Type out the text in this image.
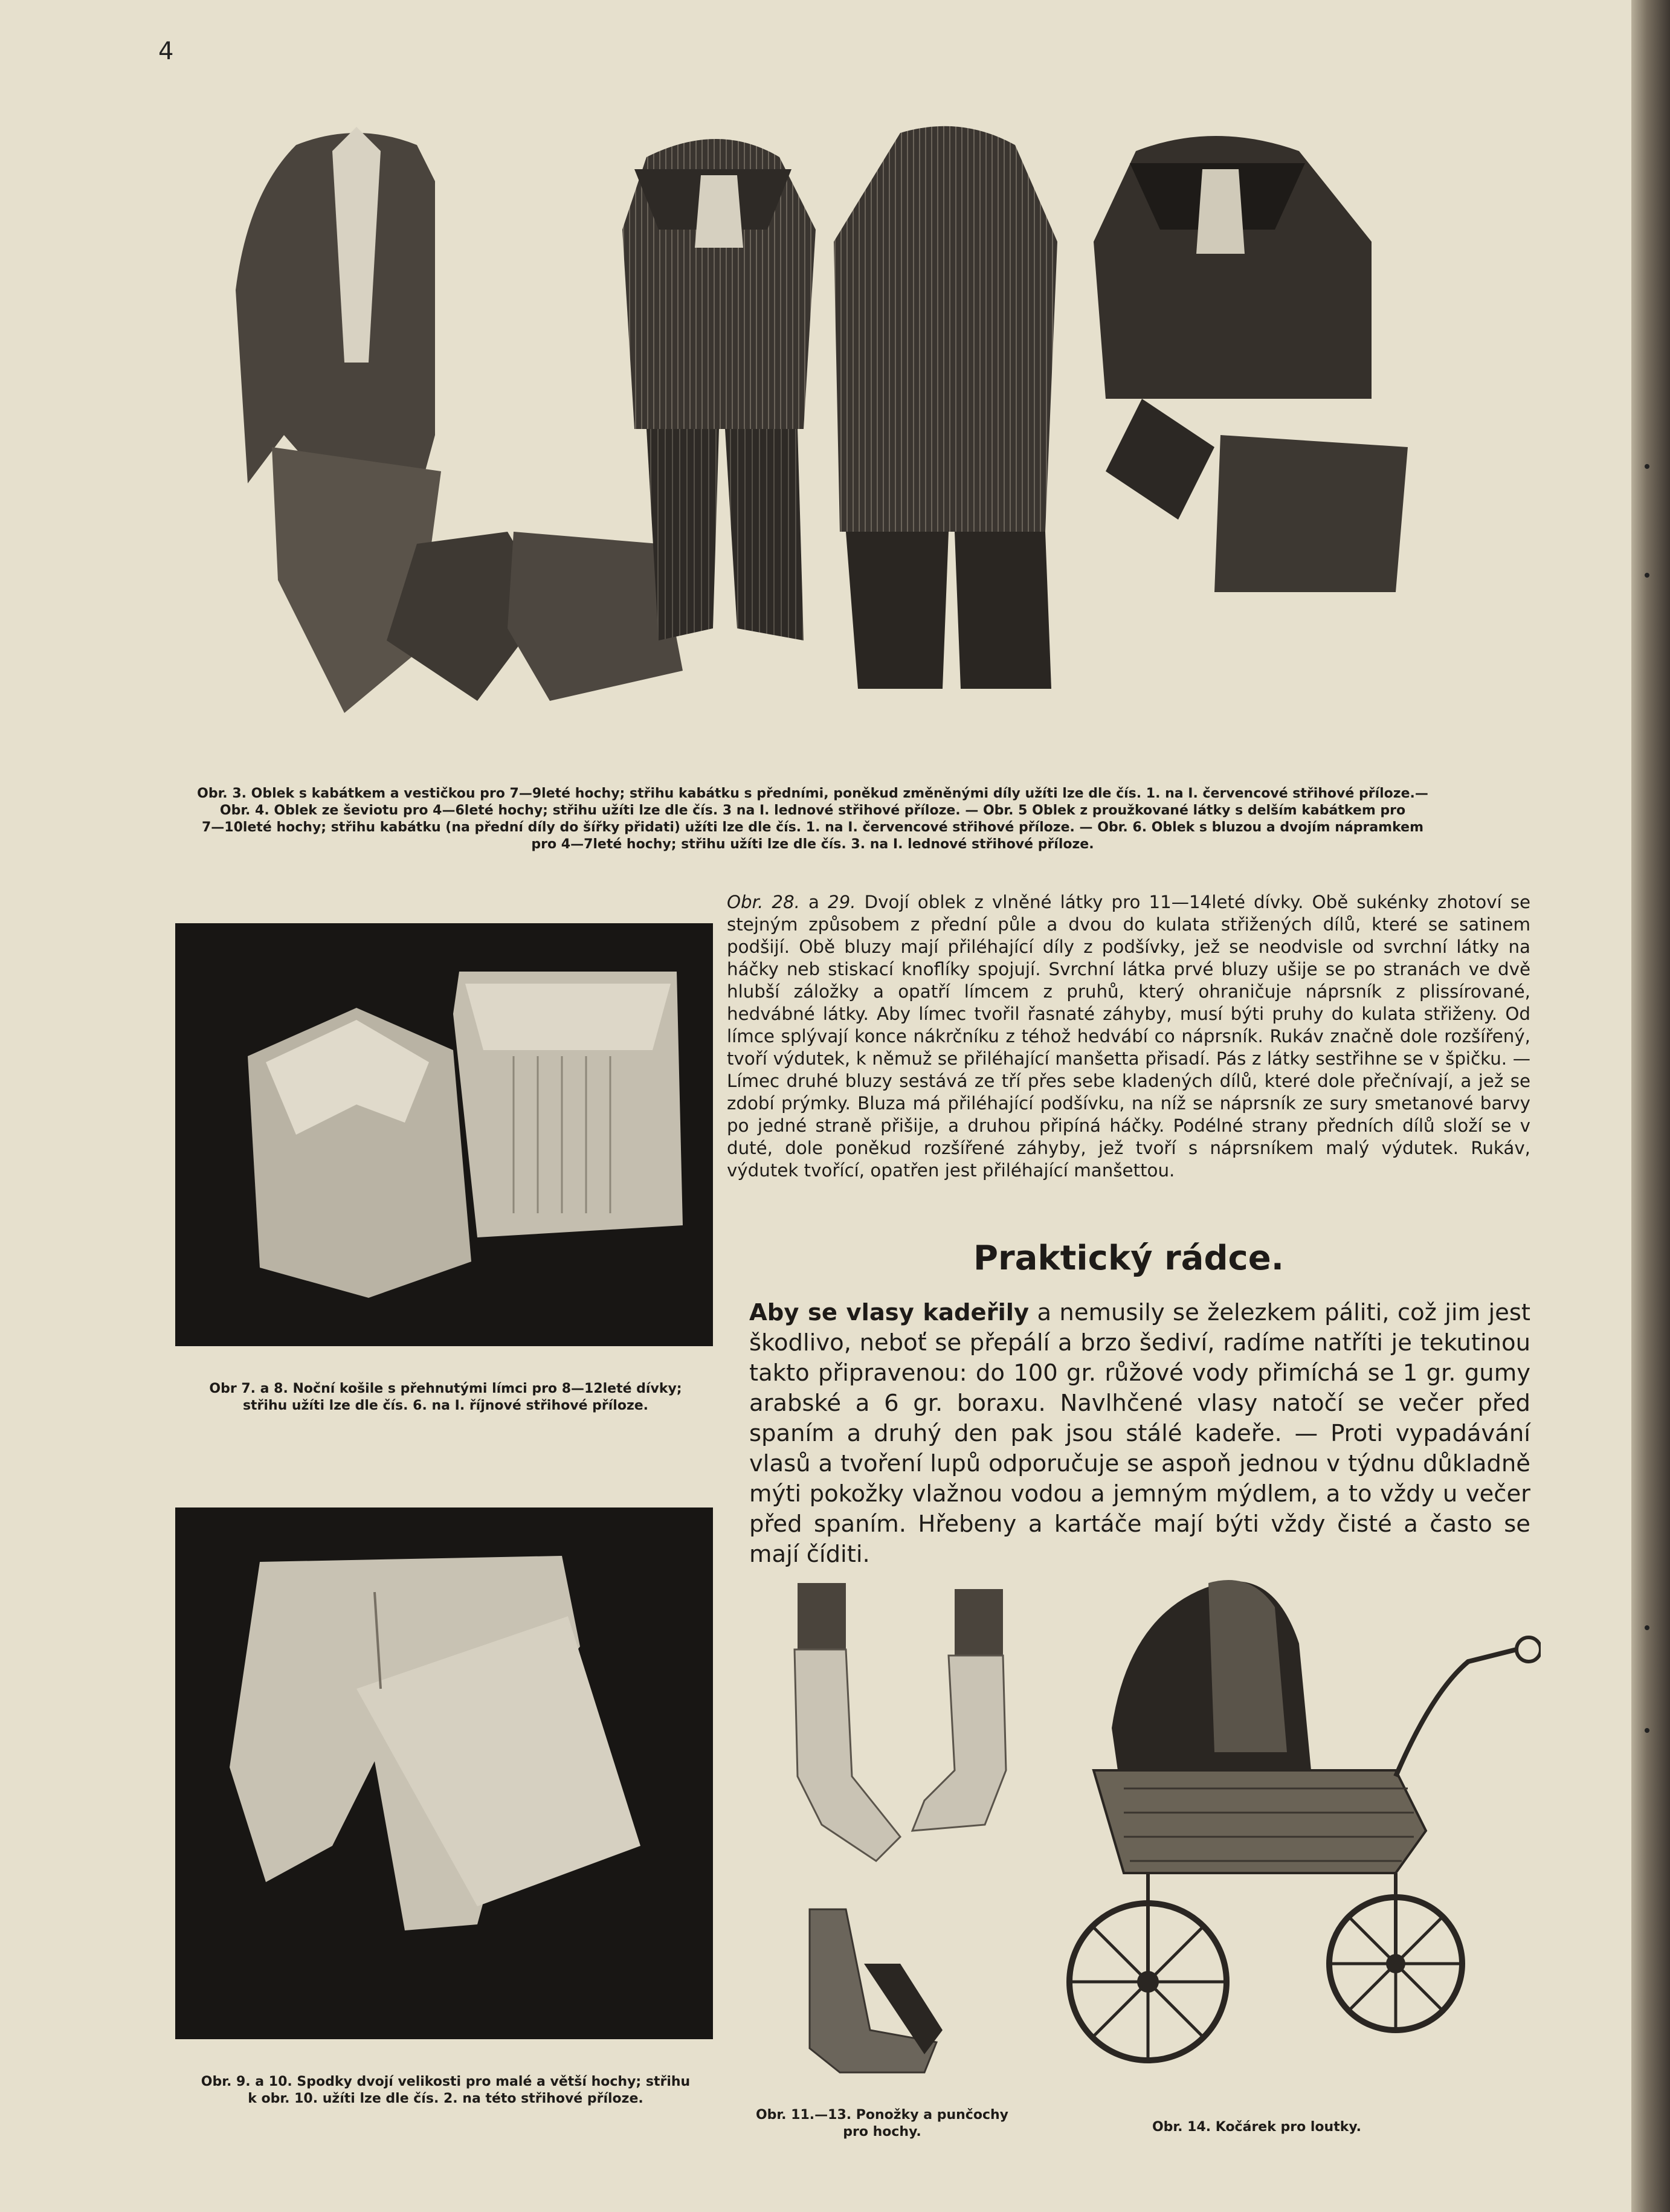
4
Obr. 3. Oblek s kabátkem a vestičkou pro 7—9leté hochy; střihu kabátku s předními, poněkud změněnými díly užíti lze dle čís. 1. na I. červencové střihové příloze.—
Obr. 4. Oblek ze ševiotu pro 4—6leté hochy; střihu užíti lze dle čís. 3 na I. lednové střihové příloze. — Obr. 5 Oblek z proužkované látky s delším kabátkem pro
7—10leté hochy; střihu kabátku (na přední díly do šířky přidati) užíti lze dle čís. 1. na I. červencové střihové příloze. — Obr. 6. Oblek s bluzou a dvojím nápramkem
pro 4—7leté hochy; střihu užíti lze dle čís. 3. na I. lednové střihové příloze.
Obr 7. a 8. Noční košile s přehnutými límci pro 8—12leté dívky;
střihu užíti lze dle čís. 6. na I. říjnové střihové příloze.
Obr. 9. a 10. Spodky dvojí velikosti pro malé a větší hochy; střihu
k obr. 10. užíti lze dle čís. 2. na této střihové příloze.
Obr. 28. a 29. Dvojí oblek z vlněné látky pro 11—14leté dívky. Obě sukénky zhotoví se stejným způsobem z přední půle a dvou do kulata střižených dílů, které se satinem podšijí. Obě bluzy mají přiléhající díly z podšívky, jež se neodvisle od svrchní látky na háčky neb stiskací knoflíky spojují. Svrchní látka prvé bluzy ušije se po stranách ve dvě hlubší záložky a opatří límcem z pruhů, který ohraničuje náprsník z plissírované, hedvábné látky. Aby límec tvořil řasnaté záhyby, musí býti pruhy do kulata střiženy. Od límce splývají konce nákrčníku z téhož hedvábí co náprsník. Rukáv značně dole rozšířený, tvoří výdutek, k němuž se přiléhající manšetta přisadí. Pás z látky sestřihne se v špičku. — Límec druhé bluzy sestává ze tří přes sebe kladených dílů, které dole přečnívají, a jež se zdobí prýmky. Bluza má přiléhající podšívku, na níž se náprsník ze sury smetanové barvy po jedné straně přišije, a druhou připíná háčky. Podélné strany předních dílů složí se v duté, dole poněkud rozšířené záhyby, jež tvoří s náprsníkem malý výdutek. Rukáv, výdutek tvořící, opatřen jest přiléhající manšettou.
Praktický rádce.
Aby se vlasy kadeřily a nemusily se železkem páliti, což jim jest škodlivo, neboť se přepálí a brzo šediví, radíme natříti je tekutinou takto připravenou: do 100 gr. růžové vody přimíchá se 1 gr. gumy arabské a 6 gr. boraxu. Navlhčené vlasy natočí se večer před spaním a druhý den pak jsou stálé kadeře. — Proti vypadávání vlasů a tvoření lupů odporučuje se aspoň jednou v týdnu důkladně mýti pokožky vlažnou vodou a jemným mýdlem, a to vždy u večer před spaním. Hřebeny a kartáče mají býti vždy čisté a často se mají číditi.
Obr. 11.—13. Ponožky a punčochy
pro hochy.	Obr. 14. Kočárek pro loutky.
